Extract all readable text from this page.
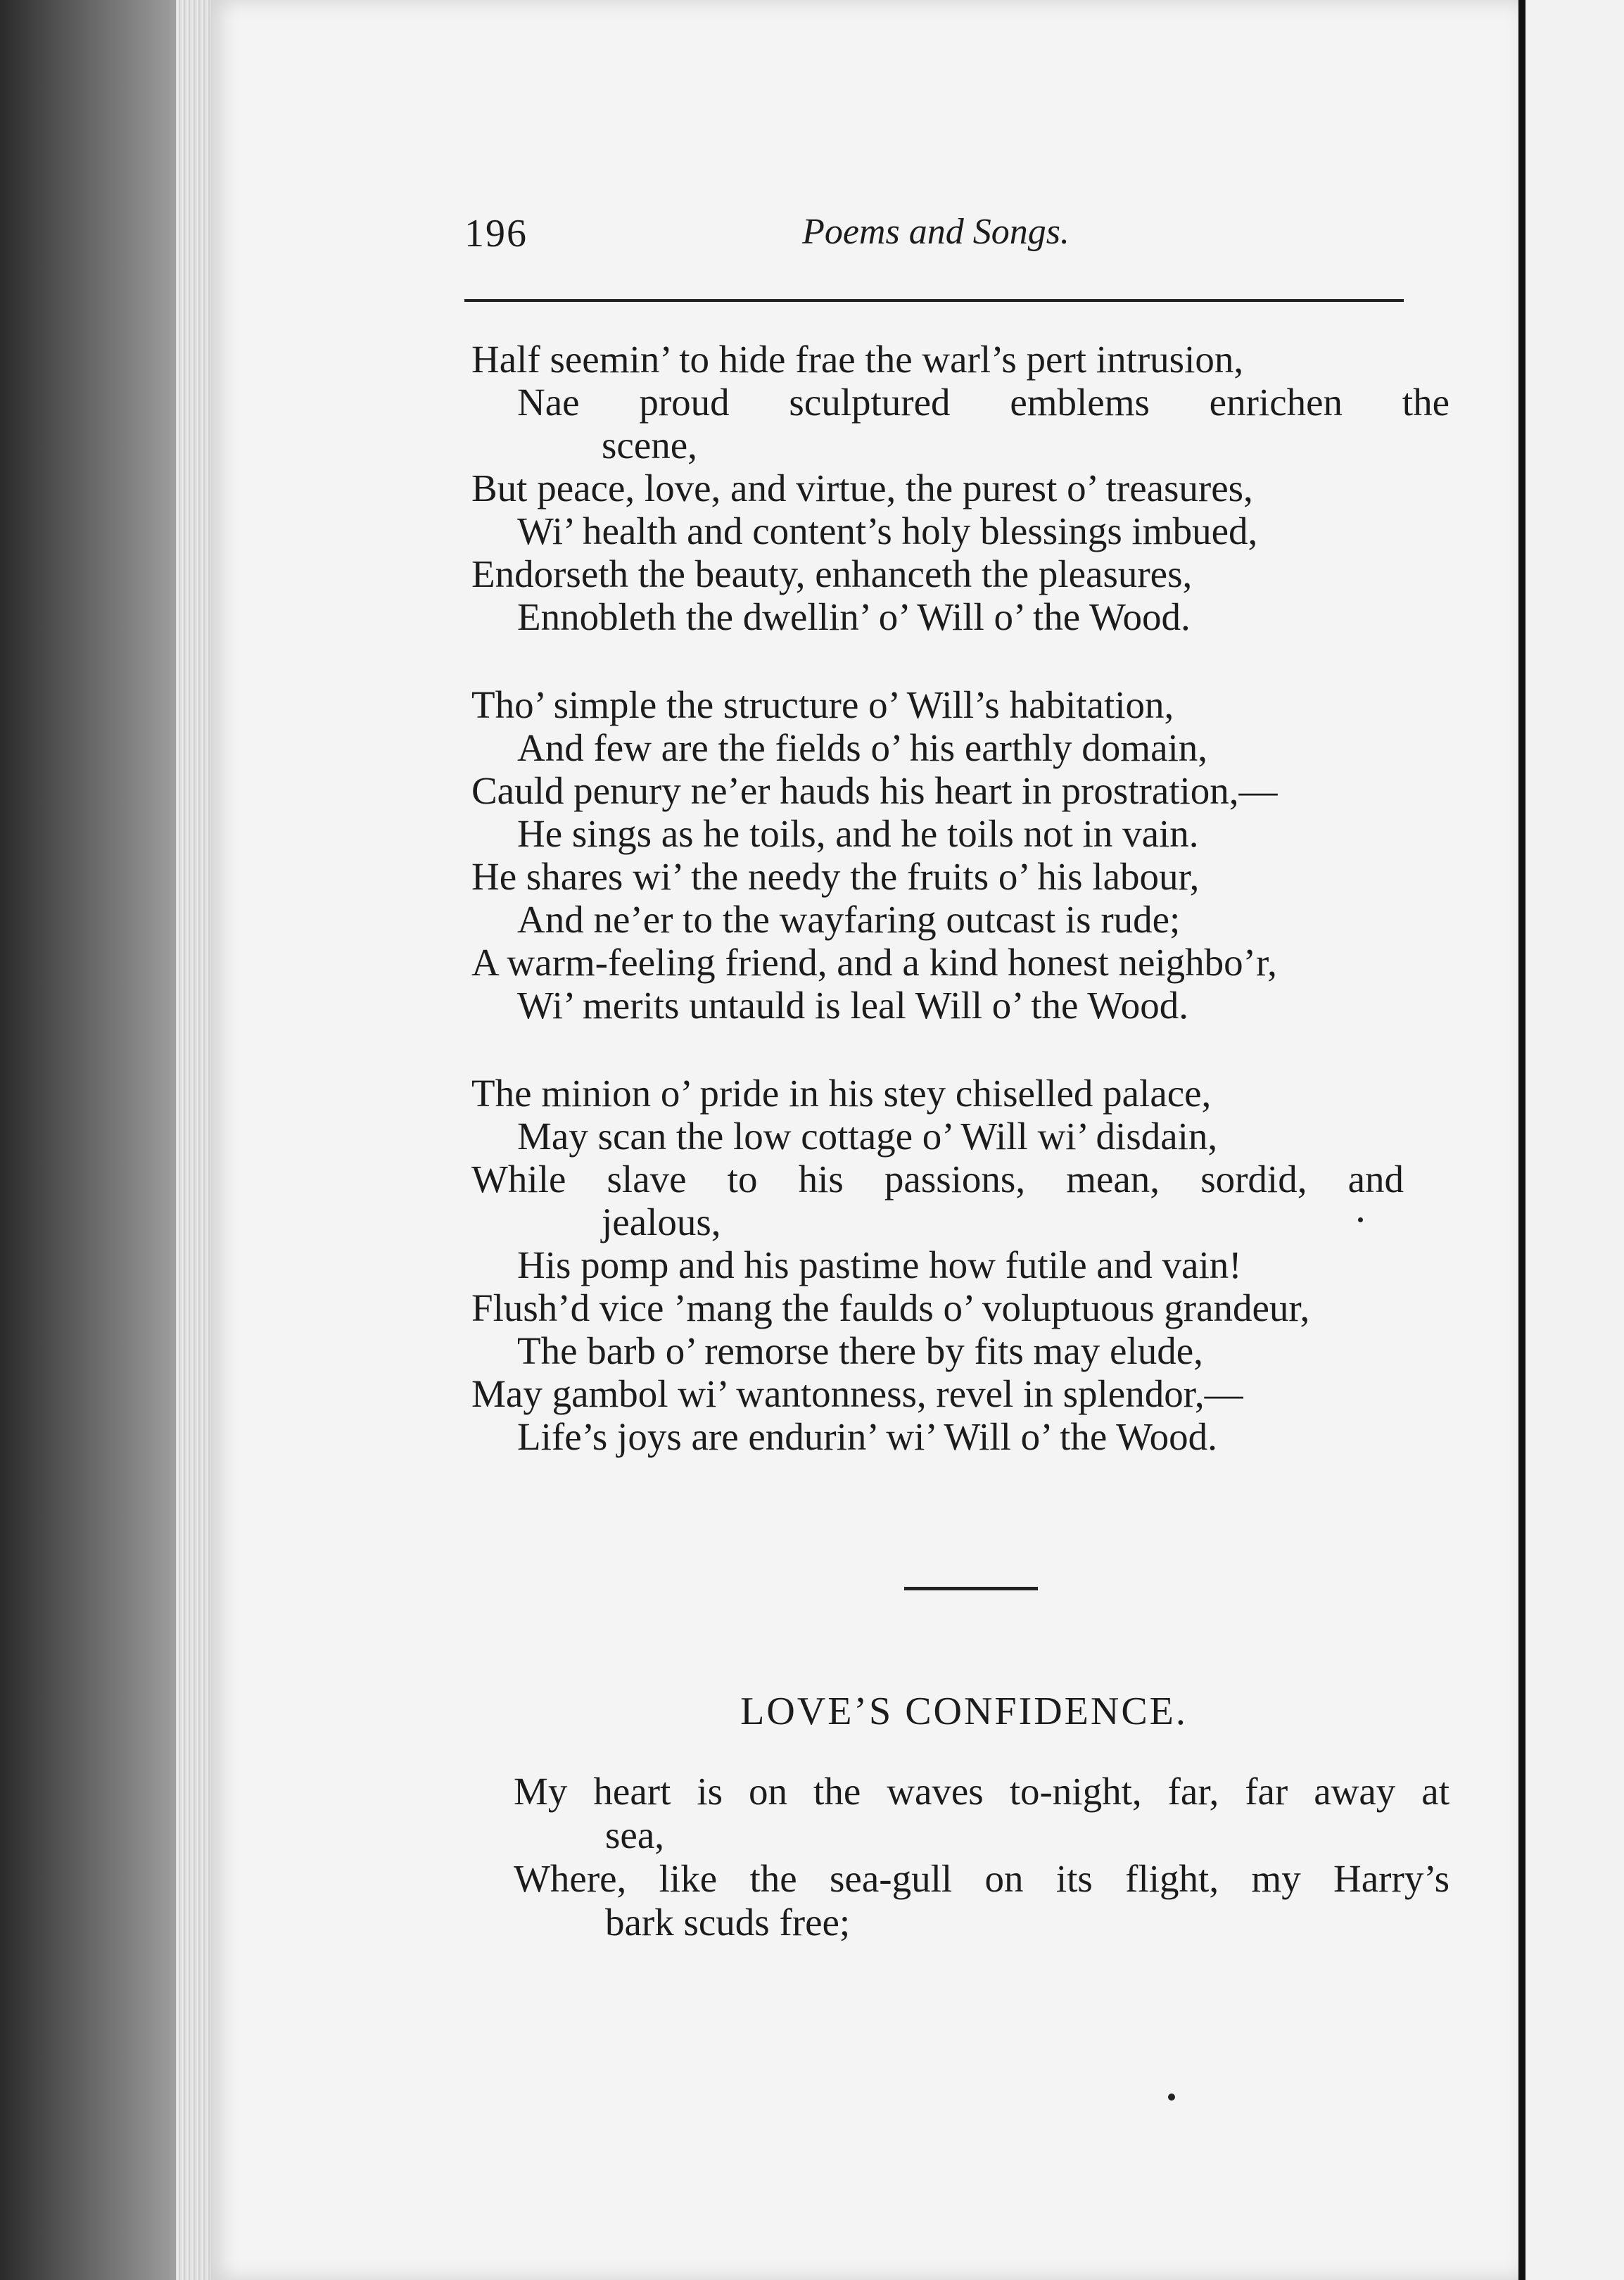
196	Poems and Songs.
Half seemin’ to hide frae the warl’s pert intrusion,
Nae proud sculptured emblems enrichen the
scene,
But peace, love, and virtue, the purest o’ treasures,
Wi’ health and content’s holy blessings imbued,
Endorseth the beauty, enhanceth the pleasures,
Ennobleth the dwellin’ o’ Will o’ the Wood.
Tho’ simple the structure o’ Will’s habitation,
And few are the fields o’ his earthly domain,
Cauld penury ne’er hauds his heart in prostration,—
He sings as he toils, and he toils not in vain.
He shares wi’ the needy the fruits o’ his labour,
And ne’er to the wayfaring outcast is rude;
A warm-feeling friend, and a kind honest neighbo’r,
Wi’ merits untauld is leal Will o’ the Wood.
The minion o’ pride in his stey chiselled palace,
May scan the low cottage o’ Will wi’ disdain,
While slave to his passions, mean, sordid, and
jealous,
His pomp and his pastime how futile and vain!
Flush’d vice ’mang the faulds o’ voluptuous grandeur,
The barb o’ remorse there by fits may elude,
May gambol wi’ wantonness, revel in splendor,—
Life’s joys are endurin’ wi’ Will o’ the Wood.
LOVE’S CONFIDENCE.
My heart is on the waves to-night, far, far away at
sea,
Where, like the sea-gull on its flight, my Harry’s
bark scuds free;
